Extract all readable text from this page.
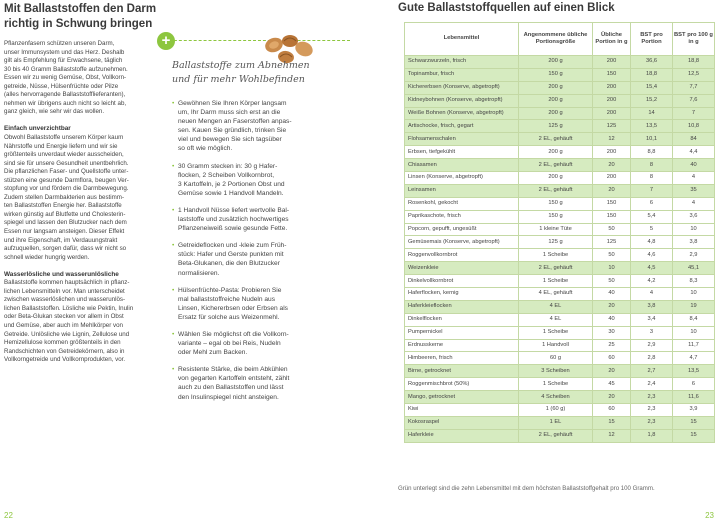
Mit Ballaststoffen den Darm
richtig in Schwung bringen

Pflanzenfasern schützen unseren Darm,
unser Immunsystem und das Herz. Deshalb
gilt als Empfehlung für Erwachsene, täglich
30 bis 40 Gramm Ballaststoffe aufzunehmen.
Essen wir zu wenig Gemüse, Obst, Vollkorn-
getreide, Nüsse, Hülsenfrüchte oder Pilze
(alles hervorragende Ballaststofflieferanten),
nehmen wir übrigens auch nicht so leicht ab,
ganz gleich, wie sehr wir das wollen.

Einfach unverzichtbar

Obwohl Ballaststoffe unserem Körper kaum
Nährstoffe und Energie liefern und wir sie
größtenteils unverdaut wieder ausscheiden,
sind sie für unsere Gesundheit unentbehrlich.
Die pflanzlichen Faser- und Quellstoffe unter-
stützen eine gesunde Darmflora, beugen Ver-
stopfung vor und fördern die Darmbewegung.
Zudem stellen Darmbakterien aus bestimm-
ten Ballaststoffen Energie her. Ballaststoffe
wirken günstig auf Blutfette und Cholesterin-
spiegel und lassen den Blutzucker nach dem
Essen nur langsam ansteigen. Dieser Effekt
und ihre Eigenschaft, im Verdauungstrakt
aufzuquellen, sorgen dafür, dass wir nicht so
schnell wieder hungrig werden.

Wasserlösliche und wasserunlösliche

Ballaststoffe kommen hauptsächlich in pflanz-
lichen Lebensmitteln vor. Man unterscheidet
zwischen wasserlöslichen und wasserunlös-
lichen Ballaststoffen. Lösliche wie Pektin, Inulin
oder Beta-Glukan stecken vor allem in Obst
und Gemüse, aber auch im Mehlkörper von
Getreide. Unlösliche wie Lignin, Zellulose und
Hemizellulose kommen größtenteils in den
Randschichten von Getreidekörnern, also in
Vollkorngetreide und Vollkornprodukten, vor.

+
Ballaststoffe zum Abnehmen
und für mehr Wohlbefinden
• Gewöhnen Sie Ihren Körper langsam
um, Ihr Darm muss sich erst an die
neuen Mengen an Faserstoffen anpas-
sen. Kauen Sie gründlich, trinken Sie
viel und bewegen Sie sich tagsüber
so oft wie möglich.

• 30 Gramm stecken in: 30 g Hafer-
flocken, 2 Scheiben Vollkornbrot,
3 Kartoffeln, je 2 Portionen Obst und
Gemüse sowie 1 Handvoll Mandeln.

• 1 Handvoll Nüsse liefert wertvolle Bal-
laststoffe und zusätzlich hochwertiges
Pflanzeneiweiß sowie gesunde Fette.

• Getreideflocken und -kleie zum Früh-
stück: Hafer und Gerste punkten mit
Beta-Glukanen, die den Blutzucker
normalisieren.

• Hülsenfrüchte-Pasta: Probieren Sie
mal ballaststoffreiche Nudeln aus
Linsen, Kichererbsen oder Erbsen als
Ersatz für solche aus Weizenmehl.

• Wählen Sie möglichst oft die Vollkorn-
variante – egal ob bei Reis, Nudeln
oder Mehl zum Backen.

• Resistente Stärke, die beim Abkühlen
von gegarten Kartoffeln entsteht, zählt
auch zu den Ballaststoffen und lässt
den Insulinspiegel nicht ansteigen.

22
Gute Ballaststoffquellen auf einen Blick
Lebensmittel	Angenommene übliche Portionsgröße	Übliche Portion in g	BST pro Portion	BST pro 100 g in g
Schwarzwurzeln, frisch	200 g	200	36,6	18,8
Topinambur, frisch	150 g	150	18,8	12,5
Kichererbsen (Konserve, abgetropft)	200 g	200	15,4	7,7
Kidneybohnen (Konserve, abgetropft)	200 g	200	15,2	7,6
Weiße Bohnen (Konserve, abgetropft)	200 g	200	14	7
Artischocke, frisch, gegart	125 g	125	13,5	10,8
Flohsamenschalen	2 EL, gehäuft	12	10,1	84
Erbsen, tiefgekühlt	200 g	200	8,8	4,4
Chiasamen	2 EL, gehäuft	20	8	40
Linsen (Konserve, abgetropft)	200 g	200	8	4
Leinsamen	2 EL, gehäuft	20	7	35
Rosenkohl, gekocht	150 g	150	6	4
Paprikaschote, frisch	150 g	150	5,4	3,6
Popcorn, gepufft, ungesüßt	1 kleine Tüte	50	5	10
Gemüsemais (Konserve, abgetropft)	125 g	125	4,8	3,8
Roggenvollkornbrot	1 Scheibe	50	4,6	2,9
Weizenkleie	2 EL, gehäuft	10	4,5	45,1
Dinkelvollkornbrot	1 Scheibe	50	4,2	8,3
Haferflocken, kernig	4 EL, gehäuft	40	4	10
Haferkleieflocken	4 EL	20	3,8	19
Dinkelflocken	4 EL	40	3,4	8,4
Pumpernickel	1 Scheibe	30	3	10
Erdnusskerne	1 Handvoll	25	2,9	11,7
Himbeeren, frisch	60 g	60	2,8	4,7
Birne, getrocknet	3 Scheiben	20	2,7	13,5
Roggenmischbrot (50%)	1 Scheibe	45	2,4	6
Mango, getrocknet	4 Scheiben	20	2,3	11,6
Kiwi	1 (60 g)	60	2,3	3,9
Kokosraspel	1 EL	15	2,3	15
Haferkleie	2 EL, gehäuft	12	1,8	15
Grün unterlegt sind die zehn Lebensmittel mit dem höchsten Ballaststoffgehalt pro 100 Gramm.
23
